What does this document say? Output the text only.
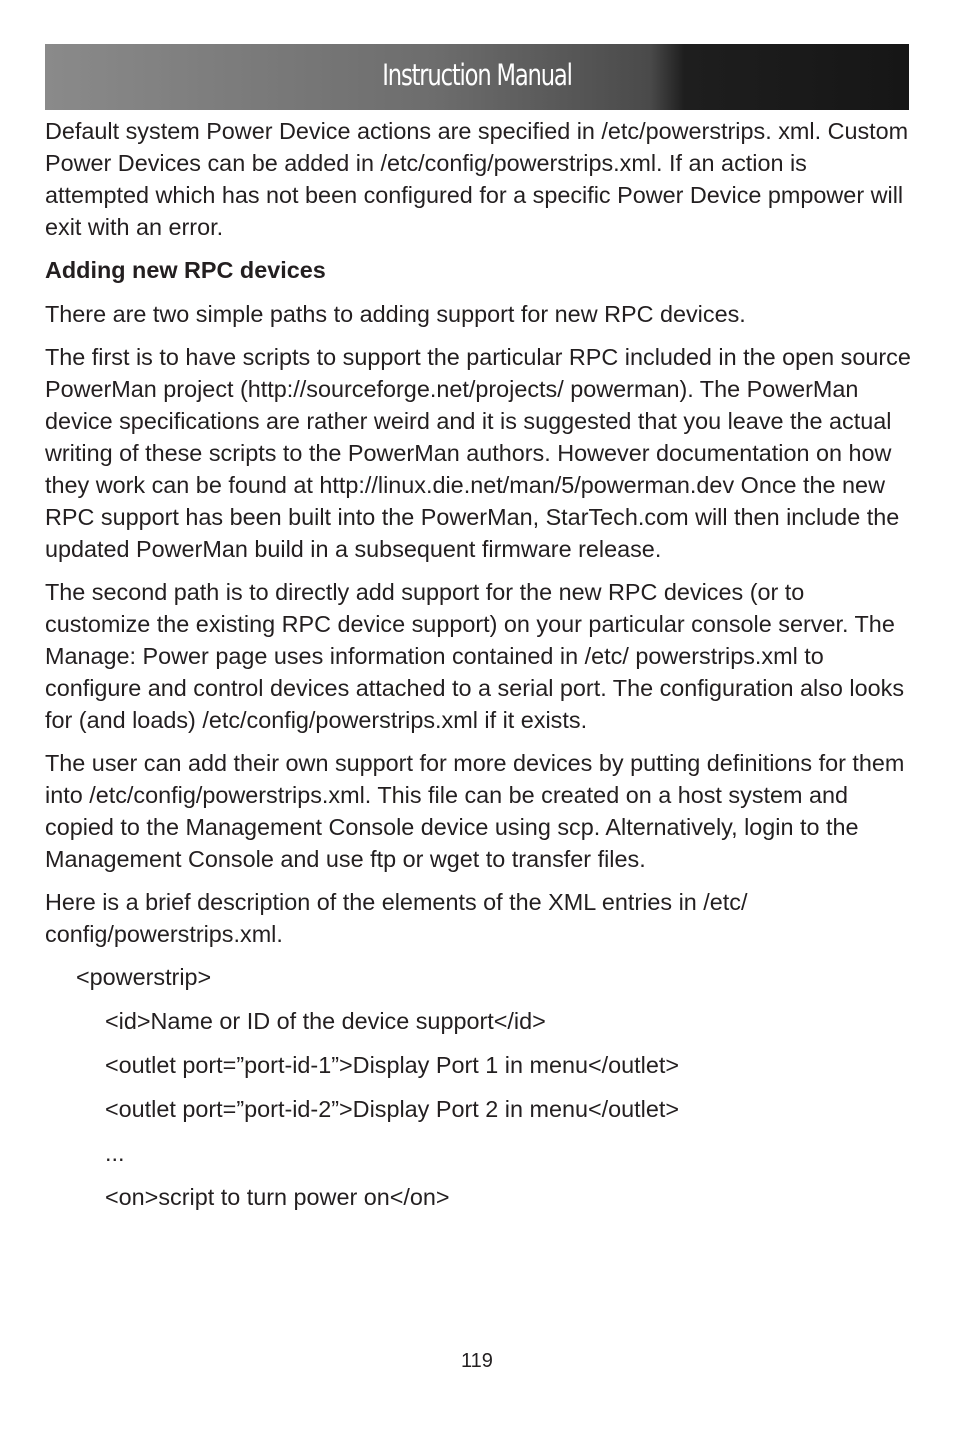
Instruction Manual

Default system Power Device actions are specified in /etc/powerstrips. xml. Custom Power Devices can be added in /etc/config/powerstrips.xml. If an action is attempted which has not been configured for a specific Power Device pmpower will exit with an error.

Adding new RPC devices

There are two simple paths to adding support for new RPC devices.

The first is to have scripts to support the particular RPC included in the open source PowerMan project (http://sourceforge.net/projects/ powerman). The PowerMan device specifications are rather weird and it is suggested that you leave the actual writing of these scripts to the PowerMan authors. However documentation on how they work can be found at http://linux.die.net/man/5/powerman.dev Once the new RPC support has been built into the PowerMan, StarTech.com will then include the updated PowerMan build in a subsequent firmware release.

The second path is to directly add support for the new RPC devices (or to customize the existing RPC device support) on your particular console server. The Manage: Power page uses information contained in /etc/ powerstrips.xml to configure and control devices attached to a serial port. The configuration also looks for (and loads) /etc/config/powerstrips.xml if it exists.

The user can add their own support for more devices by putting definitions for them into /etc/config/powerstrips.xml. This file can be created on a host system and copied to the Management Console device using scp. Alternatively, login to the Management Console and use ftp or wget to transfer files.

Here is a brief description of the elements of the XML entries in /etc/ config/powerstrips.xml.

<powerstrip>

<id>Name or ID of the device support</id>

<outlet port=”port-id-1”>Display Port 1 in menu</outlet>

<outlet port=”port-id-2”>Display Port 2 in menu</outlet>

...

<on>script to turn power on</on>

119
